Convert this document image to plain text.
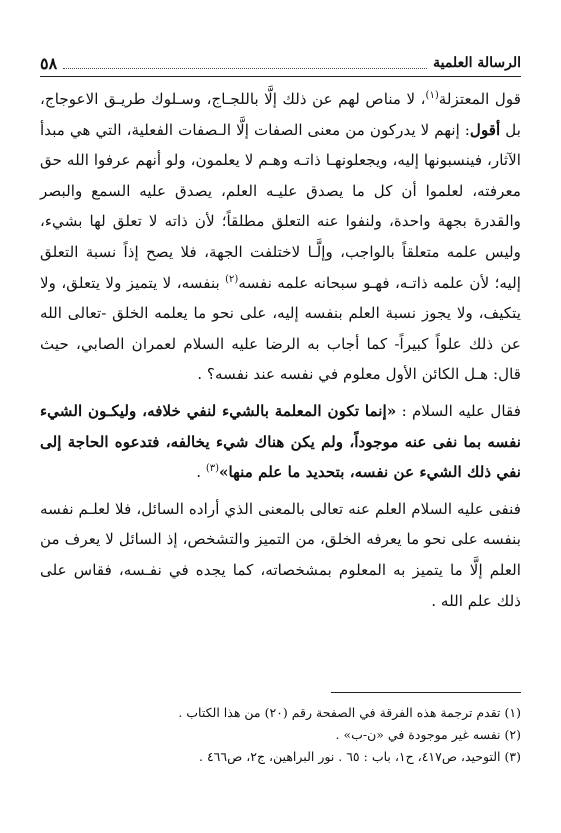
الرسالة العلمية
٥٨

قول المعتزلة$^{(١)}$، لا مناص لهم عن ذلك إلَّا باللجـاج، وسـلوك طريـق الاعوجاج، بل أقول: إنهم لا يدركون من معنى الصفات إلَّا الـصفات الفعلية، التي هي مبدأ الآثار، فينسبونها إليه، ويجعلونهـا ذاتـه وهـم لا يعلمون، ولو أنهم عرفوا الله حق معرفته، لعلموا أن كل ما يصدق عليـه العلم، يصدق عليه السمع والبصر والقدرة بجهة واحدة، ولنفوا عنه التعلق مطلقاً؛ لأن ذاته لا تعلق لها بشيء، وليس علمه متعلقاً بالواجب، وإلَّـا لاختلفت الجهة، فلا يصح إذاً نسبة التعلق إليه؛ لأن علمه ذاتـه، فهـو سبحانه علمه نفسه$^{(٢)}$ بنفسه، لا يتميز ولا يتعلق، ولا يتكيف، ولا يجوز نسبة العلم بنفسه إليه، على نحو ما يعلمه الخلق -تعالى الله عن ذلك علواً كبيراً- كما أجاب به الرضا عليه السلام لعمران الصابي، حيث قال: هـل الكائن الأول معلوم في نفسه عند نفسه؟ .

فقال عليه السلام : «إنما تكون المعلمة بالشيء لنفي خلافه، وليكـون الشيء نفسه بما نفى عنه موجوداً، ولم يكن هناك شيء يخالفه، فتدعوه الحاجة إلى نفي ذلك الشيء عن نفسه، بتحديد ما علم منها»$^{(٣)}$ .

فنفى عليه السلام العلم عنه تعالى بالمعنى الذي أراده السائل، فلا لعلـم نفسه بنفسه على نحو ما يعرفه الخلق، من التميز والتشخص، إذ السائل لا يعرف من العلم إلَّا ما يتميز به المعلوم بمشخصاته، كما يجده في نفـسه، فقاس على ذلك علم الله .

(١) تقدم ترجمة هذه الفرقة في الصفحة رقم (٢٠) من هذا الكتاب .
(٢) نفسه غير موجودة في «ن-ب» .
(٣) التوحيد، ص٤١٧، ح١، باب : ٦٥ . نور البراهين، ج٢، ص٤٦٦ .
